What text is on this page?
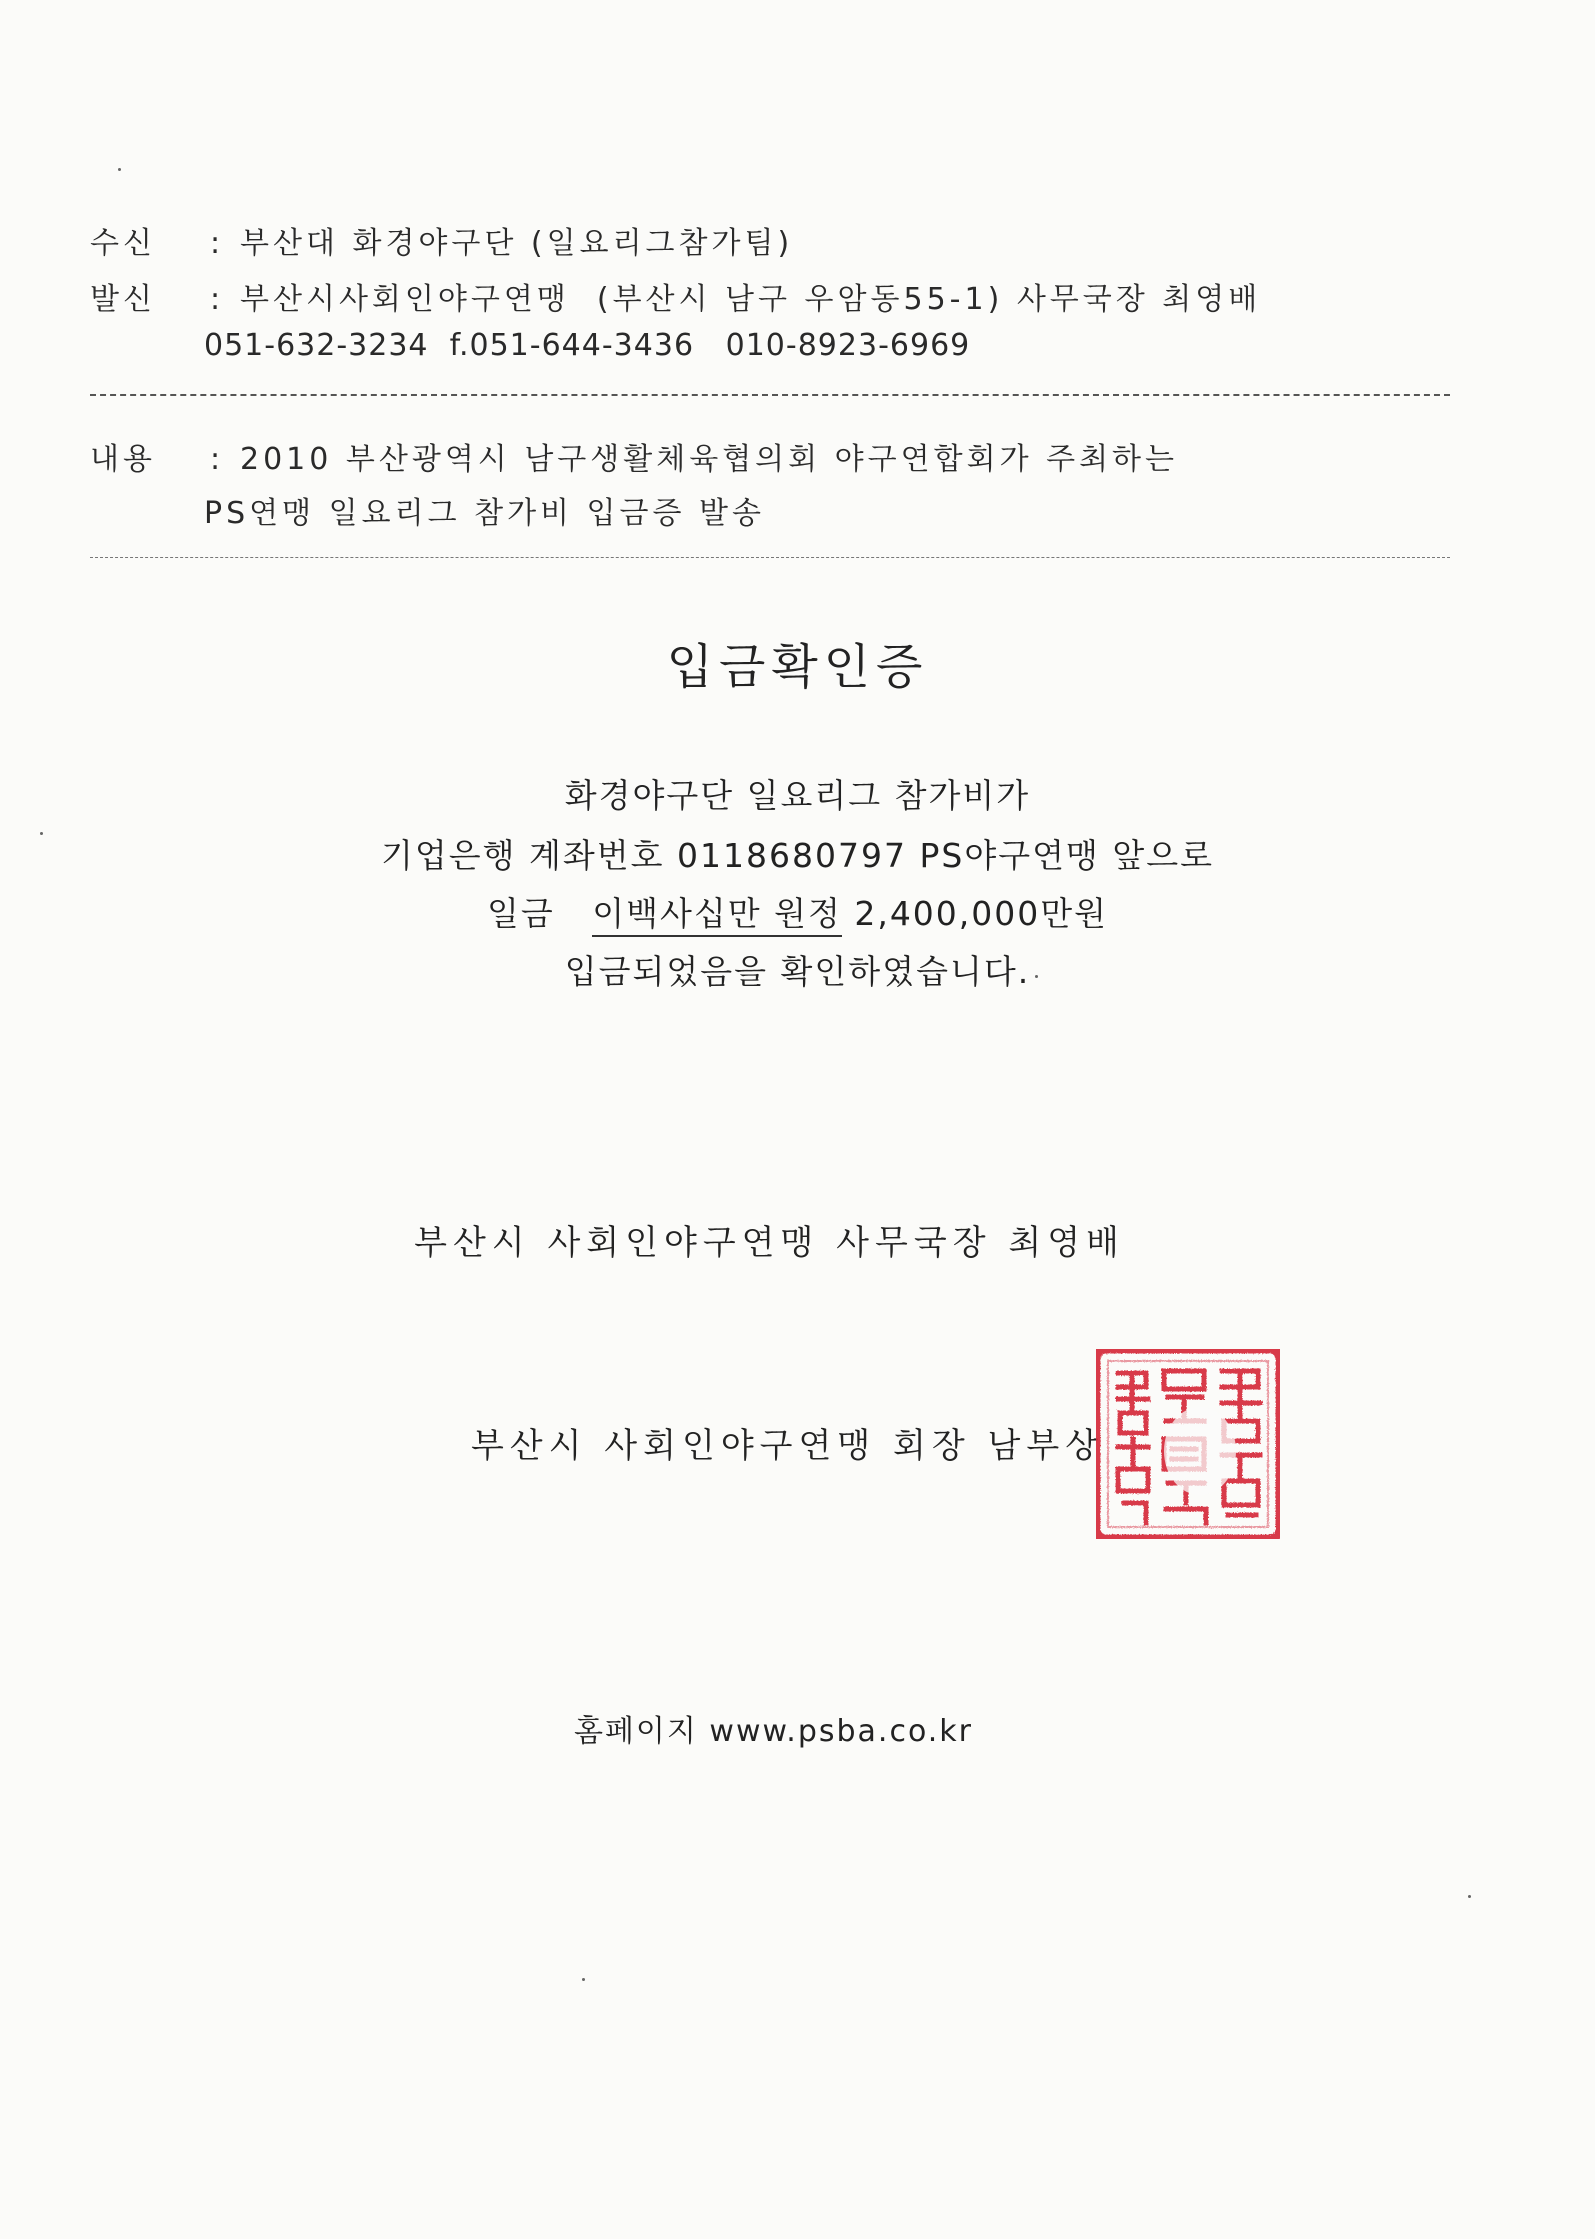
수신 : 부산대 화경야구단 (일요리그참가팀)
발신 : 부산시사회인야구연맹  (부산시 남구 우암동55-1) 사무국장 최영배
051-632-3234  f.051-644-3436   010-8923-6969
내용 : 2010 부산광역시 남구생활체육협의회 야구연합회가 주최하는
PS연맹 일요리그 참가비 입금증 발송
입금확인증
화경야구단 일요리그 참가비가
기업은행 계좌번호 0118680797 PS야구연맹 앞으로
일금 이백사십만 원정 2,400,000만원
입금되었음을 확인하였습니다.
부산시 사회인야구연맹 사무국장 최영배
부산시 사회인야구연맹 회장 남부상
홈페이지 www.psba.co.kr
